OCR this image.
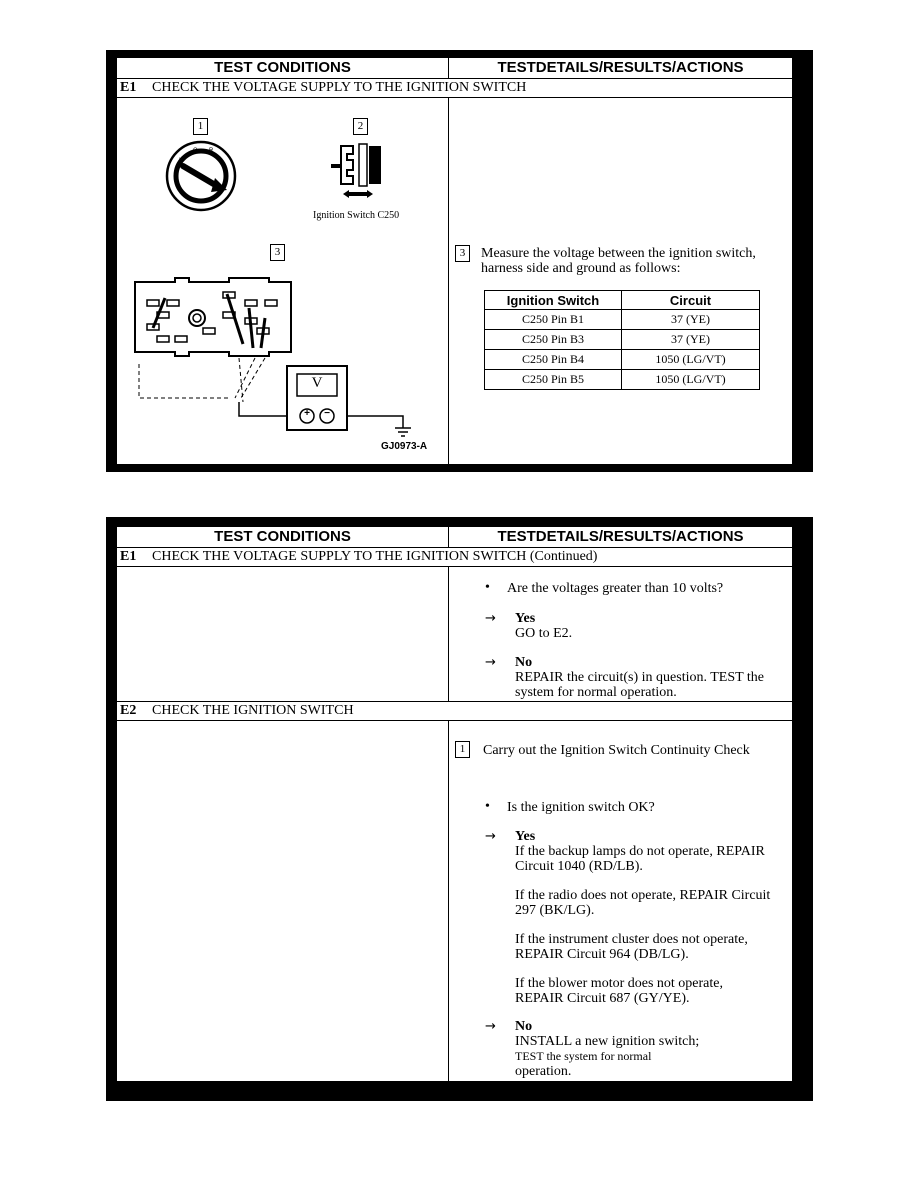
TEST CONDITIONS	TESTDETAILS/RESULTS/ACTIONS
E1 CHECK THE VOLTAGE SUPPLY TO THE IGNITION SWITCH
1
L
O R
2
Ignition Switch C250
3
V
+	−
GJ0973-A
3	Measure the voltage between the ignition switch,
harness side and ground as follows:
Ignition Switch	Circuit
C250 Pin B1	37 (YE)
C250 Pin B3	37 (YE)
C250 Pin B4	1050 (LG/VT)
C250 Pin B5	1050 (LG/VT)
TEST CONDITIONS	TESTDETAILS/RESULTS/ACTIONS
E1 CHECK THE VOLTAGE SUPPLY TO THE IGNITION SWITCH (Continued)
• Are the voltages greater than 10 volts?
→ Yes
GO to E2.
→ No
REPAIR the circuit(s) in question. TEST the
system for normal operation.
E2 CHECK THE IGNITION SWITCH
1	Carry out the Ignition Switch Continuity Check
• Is the ignition switch OK?
→ Yes
If the backup lamps do not operate, REPAIR
Circuit 1040 (RD/LB).
If the radio does not operate, REPAIR Circuit
297 (BK/LG).
If the instrument cluster does not operate,
REPAIR Circuit 964 (DB/LG).
If the blower motor does not operate,
REPAIR Circuit 687 (GY/YE).
→ No
INSTALL a new ignition switch;
TEST the system for normal
operation.
